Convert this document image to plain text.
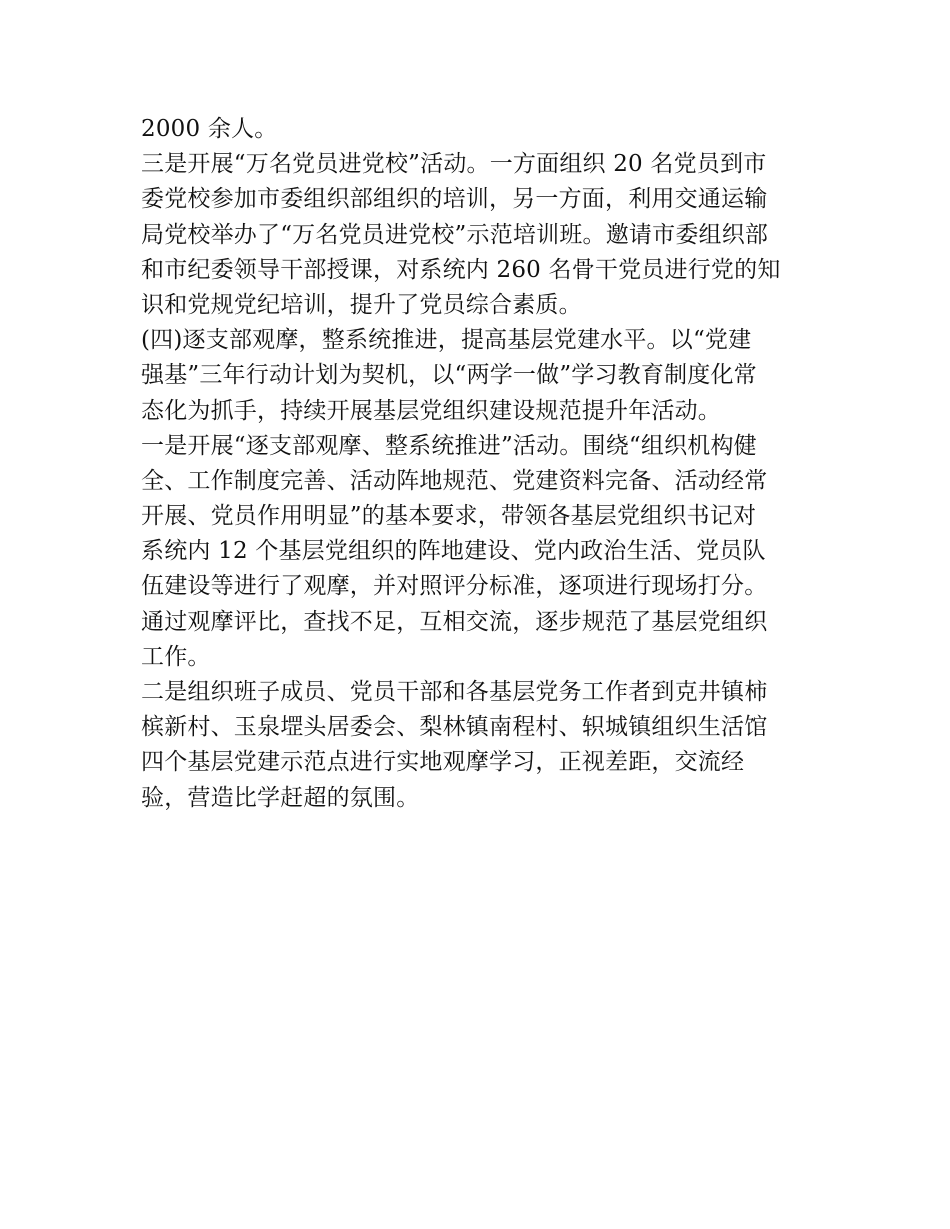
2000 余人。
三是开展“万名党员进党校”活动。一方面组织 20 名党员到市
委党校参加市委组织部组织的培训，另一方面，利用交通运输
局党校举办了“万名党员进党校”示范培训班。邀请市委组织部
和市纪委领导干部授课，对系统内 260 名骨干党员进行党的知
识和党规党纪培训，提升了党员综合素质。
(四)逐支部观摩，整系统推进，提高基层党建水平。以“党建
强基”三年行动计划为契机，以“两学一做”学习教育制度化常
态化为抓手，持续开展基层党组织建设规范提升年活动。
一是开展“逐支部观摩、整系统推进”活动。围绕“组织机构健
全、工作制度完善、活动阵地规范、党建资料完备、活动经常
开展、党员作用明显”的基本要求，带领各基层党组织书记对
系统内 12 个基层党组织的阵地建设、党内政治生活、党员队
伍建设等进行了观摩，并对照评分标准，逐项进行现场打分。
通过观摩评比，查找不足，互相交流，逐步规范了基层党组织
工作。
二是组织班子成员、党员干部和各基层党务工作者到克井镇柿
槟新村、玉泉堽头居委会、梨林镇南程村、轵城镇组织生活馆
四个基层党建示范点进行实地观摩学习，正视差距，交流经
验，营造比学赶超的氛围。
